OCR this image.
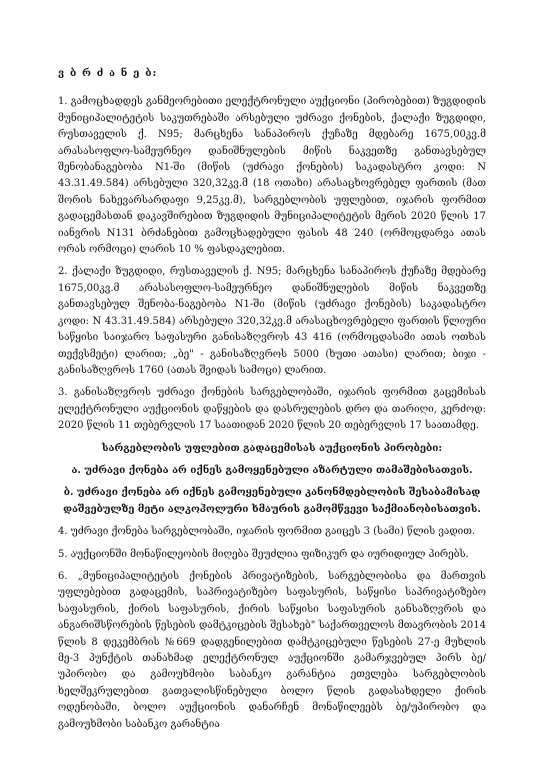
ვ ბ რ ძ ა ნ ე ბ:

1. გამოცხადდეს განმეორებითი ელექტრონული აუქციონი (პირობებით) ზუგდიდის მუნიციპალიტეტის საკუთრებაში არსებული უძრავი ქონების, ქალაქი ზუგდიდი, რუსთაველის ქ. N95; მარცხენა სანაპიროს ქუჩაზე მდებარე 1675,00კვ.მ არასასოფლო-სამეურნეო დანიშნულების მიწის ნაკვეთზე განთავსებულ შენობანაგებობა N1-ში (მიწის (უძრავი ქონების) საკადასტრო კოდი: N 43.31.49.584) არსებული 320,32კვ.მ (18 ოთახი) არასაცხოვრებელ ფართის (მათ შორის ნახევარსარდაფი 9,25კვ.მ), სარგებლობის უფლებით, იჯარის ფორმით გადაცემასთან დაკავშირებით ზუგდიდის მუნიციპალიტეტის მერის 2020 წლის 17 იანვრის N131 ბრძანებით გამოცხადებული ფასის 48 240 (ორმოცდარვა ათას ორას ორმოცი) ლარის 10 % ფასდაკლებით.

2. ქალაქი ზუგდიდი, რუსთაველის ქ. N95; მარცხენა სანაპიროს ქუჩაზე მდებარე 1675,00კვ.მ არასასოფლო-სამეურნეო დანიშნულების მიწის ნაკვეთზე განთავსებულ შენობა-ნაგებობა N1-ში (მიწის (უძრავი ქონების) საკადასტრო კოდი: N 43.31.49.584) არსებული 320,32კვ.მ არასაცხოვრებელი ფართის წლიური საწყისი საიჯარო საფასური განისაზღვროს 43 416 (ორმოცდასამი ათას ოთხას თექვსმეტი) ლარით; „ბე" - განისაზღვროს 5000 (ხუთი ათასი) ლარით; ბიჯი - განისაზღვროს 1760 (ათას შვიდას სამოცი) ლარით.

3. განისაზღვროს უძრავი ქონების სარგებლობაში, იჯარის ფორმით გაცემისას ელექტრონული აუქციონის დაწყების და დასრულების დრო და თარიღი, კერძოდ: 2020 წლის 11 თებერვლის 17 საათიდან 2020 წლის 20 თებერვლის 17 საათამდე.

სარგებლობის უფლებით გადაცემისას აუქციონის პირობები:

ა. უძრავი ქონება არ იქნეს გამოყენებული აზარტული თამაშებისათვის.

ბ. უძრავი ქონება არ იქნეს გამოყენებული კანონმდებლობის შესაბამისად

დაშვებულზე მეტი ალკოჰოლური ხმაურის გამომწვევი საქმიანობისათვის.

4. უძრავი ქონება სარგებლობაში, იჯარის ფორმით გაიცეს 3 (სამი) წლის ვადით.

5. აუქციონში მონაწილეობის მიღება შეუძლია ფიზიკურ და იურიდიულ პირებს.

6. „მუნიციპალიტეტის ქონების პრივატიზების, სარგებლობისა და მართვის უფლებებით გადაცემის, საპრივატიზებო საფასურის, საწყისი საპრივატიზებო საფასურის, ქირის საფასურის, ქირის საწყისი საფასურის განსაზღვრის და ანგარიშსწორების წესების დამტკიცების შესახებ" საქართველოს მთავრობის 2014 წლის 8 დეკემბრის №669 დადგენილებით დამტკიცებული წესების 27-ე მუხლის მე-3 პუნქტის თანახმად ელექტრონულ აუქციონში გამარჯვებულ პირს ბე/უპირობო და გამოუხმობი საბანკო გარანტია ეთვლება სარგებლობის ხელშეკრულებით გათვალისწინებული ბოლო წლის გადასახდელი ქირის ოდენობაში, ბოლო აუქციონის დანარჩენ მონაწილეებს ბე/უპირობო და გამოუხმობი საბანკო გარანტია
